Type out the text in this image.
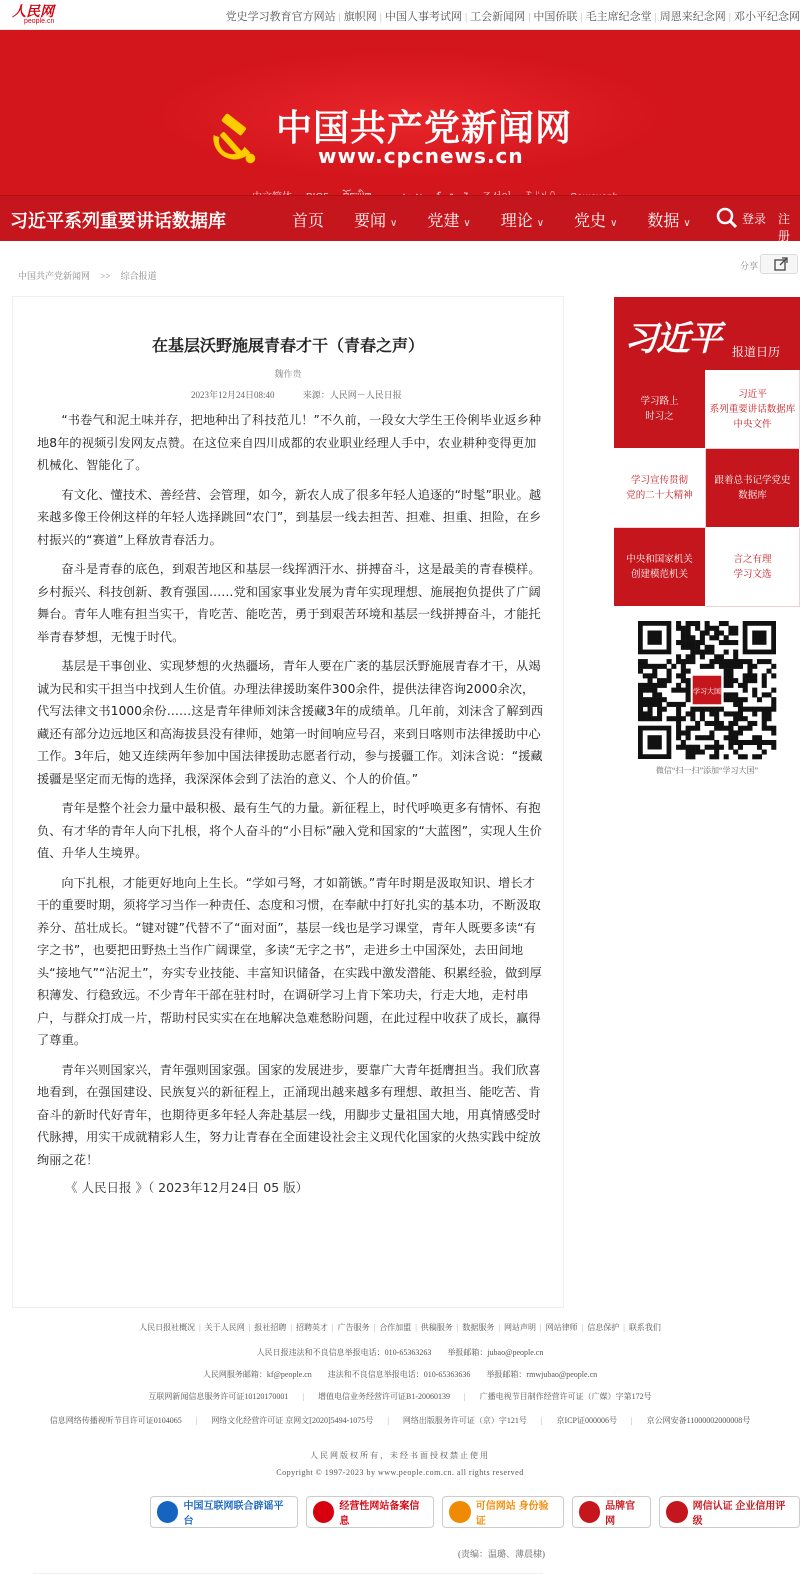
人民网
people.cn	党史学习教育官方网站 | 旗帜网 | 中国人事考试网 | 工会新闻网 | 中国侨联 | 毛主席纪念堂 | 周恩来纪念网 | 邓小平纪念网
中国共产党新闻网
www.cpcnews.cn
习近平系列重要讲话数据库	首页 要闻 ∨ 党建 ∨ 理论 ∨ 党史 ∨ 数据 ∨	登录 注册
中国共产党新闻网 >> 综合报道
分享
在基层沃野施展青春才干（青春之声）
魏作贵
2023年12月24日08:40	来源：人民网－人民日报

“书卷气和泥土味并存，把地种出了科技范儿！”不久前，一段女大学生王伶俐毕业返乡种地8年的视频引发网友点赞。在这位来自四川成都的农业职业经理人手中，农业耕种变得更加机械化、智能化了。

有文化、懂技术、善经营、会管理，如今，新农人成了很多年轻人追逐的“时髦”职业。越来越多像王伶俐这样的年轻人选择跳回“农门”，到基层一线去担苦、担难、担重、担险，在乡村振兴的“赛道”上释放青春活力。

奋斗是青春的底色，到艰苦地区和基层一线挥洒汗水、拼搏奋斗，这是最美的青春模样。乡村振兴、科技创新、教育强国……党和国家事业发展为青年实现理想、施展抱负提供了广阔舞台。青年人唯有担当实干，肯吃苦、能吃苦，勇于到艰苦环境和基层一线拼搏奋斗，才能托举青春梦想，无愧于时代。

基层是干事创业、实现梦想的火热疆场，青年人要在广袤的基层沃野施展青春才干，从竭诚为民和实干担当中找到人生价值。办理法律援助案件300余件，提供法律咨询2000余次，代写法律文书1000余份……这是青年律师刘沫含援藏3年的成绩单。几年前，刘沫含了解到西藏还有部分边远地区和高海拔县没有律师，她第一时间响应号召，来到日喀则市法律援助中心工作。3年后，她又连续两年参加中国法律援助志愿者行动，参与援疆工作。刘沫含说：“援藏援疆是坚定而无悔的选择，我深深体会到了法治的意义、个人的价值。”

青年是整个社会力量中最积极、最有生气的力量。新征程上，时代呼唤更多有情怀、有抱负、有才华的青年人向下扎根，将个人奋斗的“小目标”融入党和国家的“大蓝图”，实现人生价值、升华人生境界。

向下扎根，才能更好地向上生长。“学如弓弩，才如箭镞。”青年时期是汲取知识、增长才干的重要时期，须将学习当作一种责任、态度和习惯，在奉献中打好扎实的基本功，不断汲取养分、茁壮成长。“键对键”代替不了“面对面”，基层一线也是学习课堂，青年人既要多读“有字之书”，也要把田野热土当作广阔课堂，多读“无字之书”，走进乡土中国深处，去田间地头“接地气”“沾泥土”，夯实专业技能、丰富知识储备，在实践中激发潜能、积累经验，做到厚积薄发、行稳致远。不少青年干部在驻村时，在调研学习上肯下笨功夫，行走大地，走村串户，与群众打成一片，帮助村民实实在在地解决急难愁盼问题，在此过程中收获了成长，赢得了尊重。

青年兴则国家兴，青年强则国家强。国家的发展进步，要靠广大青年挺膺担当。我们欣喜地看到，在强国建设、民族复兴的新征程上，正涌现出越来越多有理想、敢担当、能吃苦、肯奋斗的新时代好青年，也期待更多年轻人奔赴基层一线，用脚步丈量祖国大地，用真情感受时代脉搏，用实干成就精彩人生，努力让青春在全面建设社会主义现代化国家的火热实践中绽放绚丽之花！

《 人民日报 》（ 2023年12月24日 05 版）
(责编：温璐、薄晨棣)
习近平 报道日历
学习路上
时习之
习近平
系列重要讲话数据库
中央文件
学习宣传贯彻
党的二十大精神
跟着总书记学党史
数据库
中央和国家机关
创建模范机关
言之有理
学习文选
学习大国
微信“扫一扫”添加“学习大国”
人民日报社概况 | 关于人民网 | 报社招聘 | 招聘英才 | 广告服务 | 合作加盟 | 供稿服务 | 数据服务 | 网站声明 | 网站律师 | 信息保护 | 联系我们
人民日报违法和不良信息举报电话：010-65363263 举报邮箱：jubao@people.cn
人民网服务邮箱：kf@people.cn 违法和不良信息举报电话：010-65363636 举报邮箱：rmwjubao@people.cn
互联网新闻信息服务许可证10120170001 | 增值电信业务经营许可证B1-20060139 | 广播电视节目制作经营许可证（广媒）字第172号
信息网络传播视听节目许可证0104065 | 网络文化经营许可证 京网文[2020]5494-1075号 | 网络出版服务许可证（京）字121号 | 京ICP证000006号 | 京公网安备11000002000008号
人民网版权所有，未经书面授权禁止使用
Copyright © 1997-2023 by www.people.com.cn. all rights reserved
中国互联网联合辟谣平台
经营性网站备案信息
可信网站 身份验证
品牌官网
网信认证 企业信用评级
